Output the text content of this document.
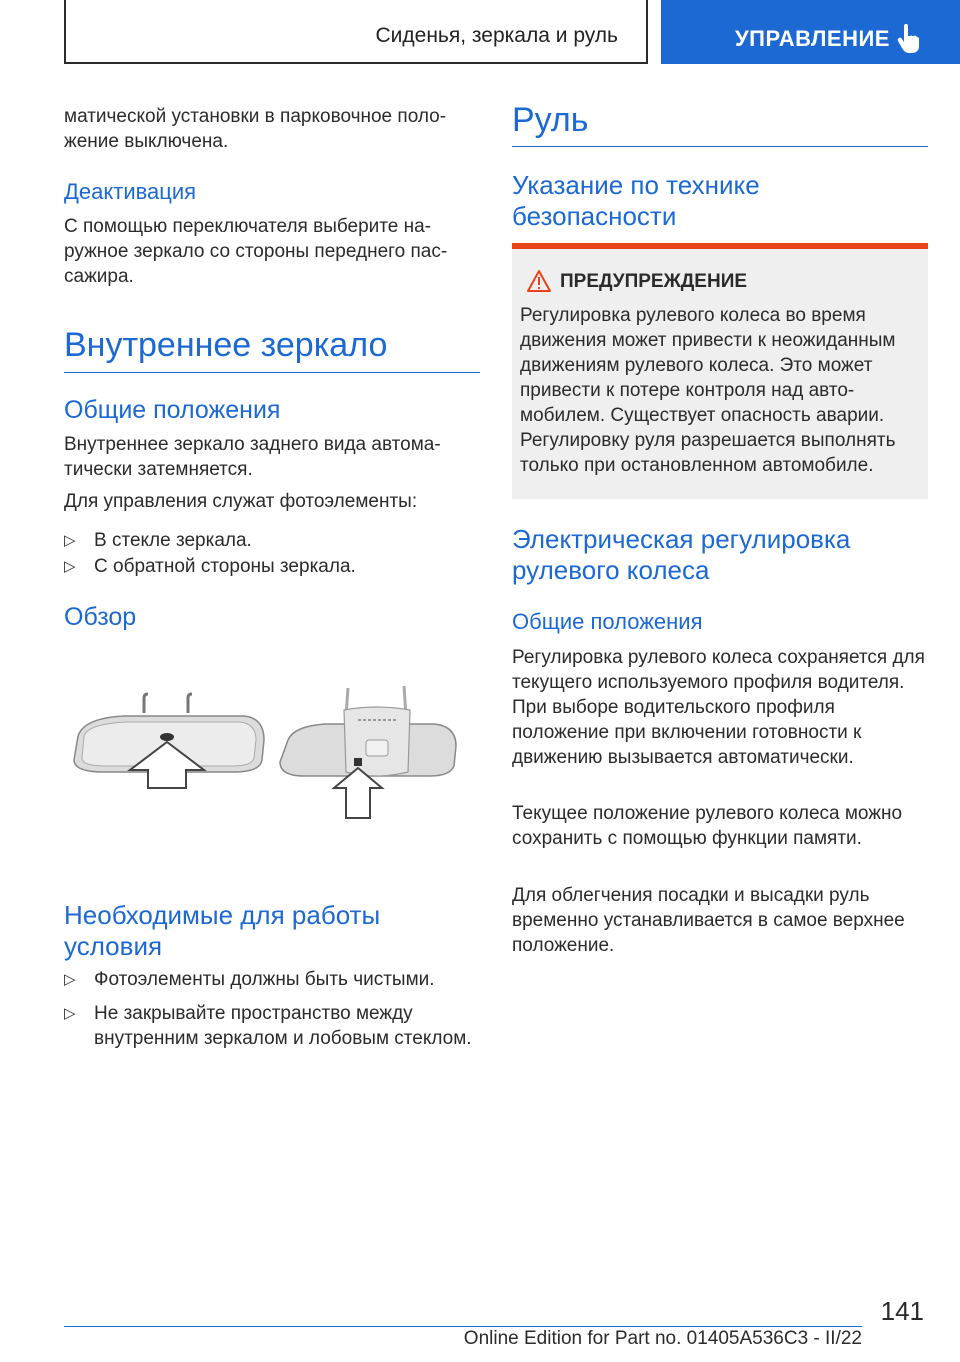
Сиденья, зеркала и руль	УПРАВЛЕНИЕ

матической установки в парковочное положение выключена.

Деактивация

С помощью переключателя выберите наружное зеркало со стороны переднего пассажира.

Внутреннее зеркало
Общие положения

Внутреннее зеркало заднего вида автоматически затемняется.

Для управления служат фотоэлементы:

▷ В стекле зеркала.
▷ С обратной стороны зеркала.
Обзор
Необходимые для работы условия
▷ Фотоэлементы должны быть чистыми.
▷ Не закрывайте пространство между внутренним зеркалом и лобовым стеклом.
Руль
Указание по технике безопасности
ПРЕДУПРЕЖДЕНИЕ

Регулировка рулевого колеса во время движения может привести к неожиданным движениям рулевого колеса. Это может привести к потере контроля над автомобилем. Существует опасность аварии. Регулировку руля разрешается выполнять только при остановленном автомобиле.

Электрическая регулировка рулевого колеса
Общие положения

Регулировка рулевого колеса сохраняется для текущего используемого профиля водителя. При выборе водительского профиля положение при включении готовности к движению вызывается автоматически.

Текущее положение рулевого колеса можно сохранить с помощью функции памяти.

Для облегчения посадки и высадки руль временно устанавливается в самое верхнее положение.

141
Online Edition for Part no. 01405A536C3 - II/22
